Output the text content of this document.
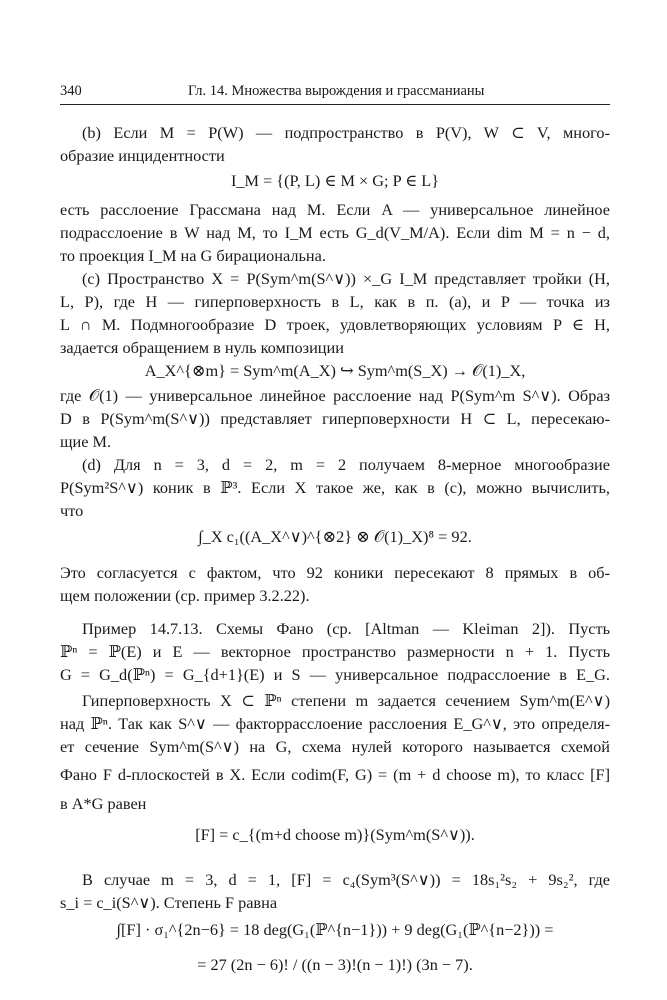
340	Гл. 14. Множества вырождения и грассманианы
(b) Если M = P(W) — подпространство в P(V), W ⊂ V, много-
образие инцидентности
I_M = {(P, L) ∈ M × G; P ∈ L}
есть расслоение Грассмана над M. Если A — универсальное линейное
подрасслоение в W над M, то I_M есть G_d(V_M/A). Если dim M = n − d,
то проекция I_M на G бирациональна.
(c) Пространство X = P(Sym^m(S^∨)) ×_G I_M представляет тройки (H,
L, P), где H — гиперповерхность в L, как в п. (a), и P — точка из
L ∩ M. Подмногообразие D троек, удовлетворяющих условиям P ∈ H,
задается обращением в нуль композиции
A_X^{⊗m} = Sym^m(A_X) ↪ Sym^m(S_X) → 𝒪(1)_X,
где 𝒪(1) — универсальное линейное расслоение над P(Sym^m S^∨). Образ
D в P(Sym^m(S^∨)) представляет гиперповерхности H ⊂ L, пересекаю-
щие M.
(d) Для n = 3, d = 2, m = 2 получаем 8-мерное многообразие
P(Sym²S^∨) коник в ℙ³. Если X такое же, как в (c), можно вычислить,
что
∫_X c₁((A_X^∨)^{⊗2} ⊗ 𝒪(1)_X)⁸ = 92.
Это согласуется с фактом, что 92 коники пересекают 8 прямых в об-
щем положении (ср. пример 3.2.22).
Пример 14.7.13. Схемы Фано (ср. [Altman — Kleiman 2]). Пусть
ℙⁿ = ℙ(E) и E — векторное пространство размерности n + 1. Пусть
G = G_d(ℙⁿ) = G_{d+1}(E) и S — универсальное подрасслоение в E_G.
Гиперповерхность X ⊂ ℙⁿ степени m задается сечением Sym^m(E^∨)
над ℙⁿ. Так как S^∨ — факторрасслоение расслоения E_G^∨, это определя-
ет сечение Sym^m(S^∨) на G, схема нулей которого называется схемой
Фано F d-плоскостей в X. Если codim(F, G) = (m + d choose m), то класс [F]
в A*G равен
[F] = c_{(m+d choose m)}(Sym^m(S^∨)).
В случае m = 3, d = 1, [F] = c₄(Sym³(S^∨)) = 18s₁²s₂ + 9s₂², где
s_i = c_i(S^∨). Степень F равна
∫[F] · σ₁^{2n−6} = 18 deg(G₁(ℙ^{n−1})) + 9 deg(G₁(ℙ^{n−2})) =
= 27 (2n − 6)! / ((n − 3)!(n − 1)!) (3n − 7).
